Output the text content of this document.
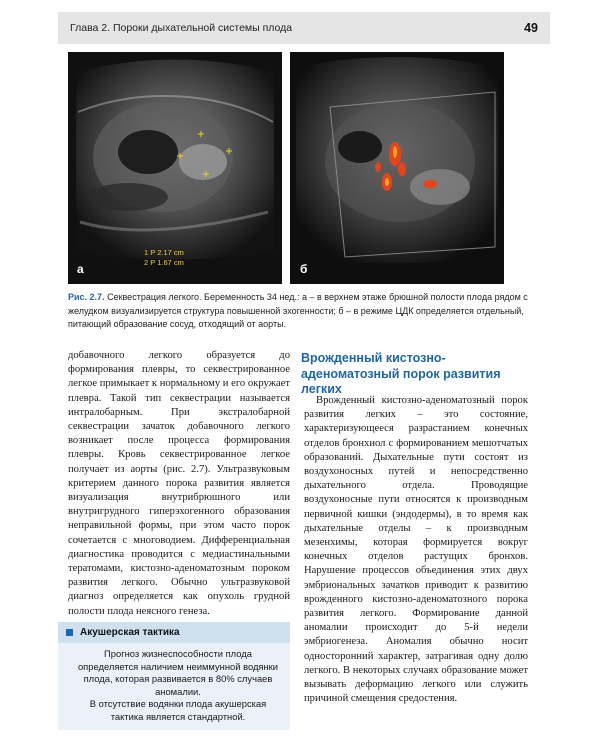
Глава 2. Пороки дыхательной системы плода	49
1 P 2.17 cm
2 P 1.67 cm
а	б
Рис. 2.7. Секвестрация легкого. Беременность 34 нед.: а – в верхнем этаже брюшной полости плода рядом с желудком визуализируется структура повышенной эхогенности; б – в режиме ЦДК определяется отдельный, питающий образование сосуд, отходящий от аорты.

добавочного легкого образуется до формирования плевры, то секвестрированное легкое примыкает к нормальному и его окружает плевра. Такой тип секвестрации называется интралобарным. При экстралобарной секвестрации зачаток добавочного легкого возникает после процесса формирования плевры. Кровь секвестрированное легкое получает из аорты (рис. 2.7). Ультразвуковым критерием данного порока развития является визуализация внутрибрюшного или внутригрудного гиперэхогенного образования неправильной формы, при этом часто порок сочетается с многоводием. Дифференциальная диагностика проводится с медиастинальными тератомами, кистозно-аденоматозным пороком развития легкого. Обычно ультразвуковой диагноз определяется как опухоль грудной полости плода неясного генеза.

Акушерская тактика

Прогноз жизнеспособности плода определяется наличием неиммунной водянки плода, которая развивается в 80% случаев аномалии.

В отсутствие водянки плода акушерская тактика является стандартной.

Врожденный кистозно-аденоматозный порок развития легких

Врожденный кистозно-аденоматозный порок развития легких – это состояние, характеризующееся разрастанием конечных отделов бронхиол с формированием мешотчатых образований. Дыхательные пути состоят из воздухоносных путей и непосредственно дыхательного отдела. Проводящие воздухоносные пути относятся к производным первичной кишки (эндодермы), в то время как дыхательные отделы – к производным мезенхимы, которая формируется вокруг конечных отделов растущих бронхов. Нарушение процессов объединения этих двух эмбриональных зачатков приводит к развитию врожденного кистозно-аденоматозного порока развития легкого. Формирование данной аномалии происходит до 5-й недели эмбриогенеза. Аномалия обычно носит односторонний характер, затрагивая одну долю легкого. В некоторых случаях образование может вызывать деформацию легкого или служить причиной смещения средостения.
